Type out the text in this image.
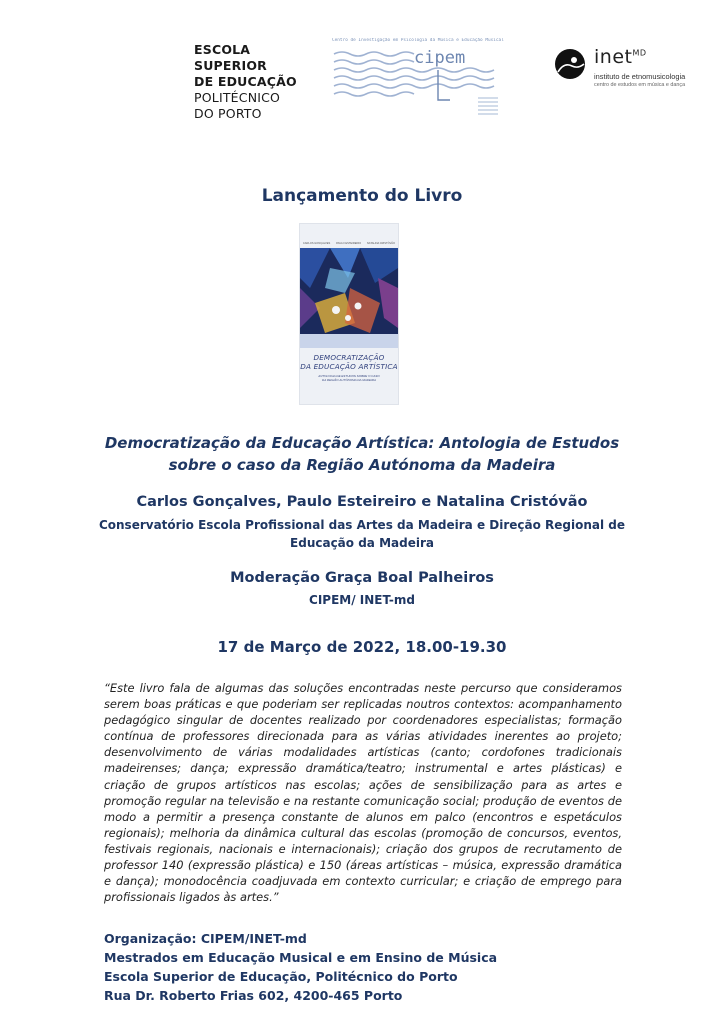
ESCOLA
SUPERIOR
DE EDUCAÇÃO
POLITÉCNICO
DO PORTO
Centro de Investigação em Psicologia da Música e Educação Musical
cipem	inet$^{MD}$
instituto de etnomusicologia
centro de estudos em música e dança
Lançamento do Livro
CARLOS GONÇALVES PAULO ESTEIREIRO NATALINA CRISTÓVÃO
DEMOCRATIZAÇÃO
DA EDUCAÇÃO ARTÍSTICA
ANTOLOGIA DE ESTUDOS SOBRE O CASO
DA REGIÃO AUTÓNOMA DA MADEIRA
Democratização da Educação Artística: Antologia de Estudos
sobre o caso da Região Autónoma da Madeira
Carlos Gonçalves, Paulo Esteireiro e Natalina Cristóvão
Conservatório Escola Profissional das Artes da Madeira e Direção Regional de
Educação da Madeira
Moderação Graça Boal Palheiros
CIPEM/ INET-md
17 de Março de 2022, 18.00-19.30
“Este livro fala de algumas das soluções encontradas neste percurso que consideramos serem boas práticas e que poderiam ser replicadas noutros contextos: acompanhamento pedagógico singular de docentes realizado por coordenadores especialistas; formação contínua de professores direcionada para as várias atividades inerentes ao projeto; desenvolvimento de várias modalidades artísticas (canto; cordofones tradicionais madeirenses; dança; expressão dramática/teatro; instrumental e artes plásticas) e criação de grupos artísticos nas escolas; ações de sensibilização para as artes e promoção regular na televisão e na restante comunicação social; produção de eventos de modo a permitir a presença constante de alunos em palco (encontros e espetáculos regionais); melhoria da dinâmica cultural das escolas (promoção de concursos, eventos, festivais regionais, nacionais e internacionais); criação dos grupos de recrutamento de professor 140 (expressão plástica) e 150 (áreas artísticas – música, expressão dramática e dança); monodocência coadjuvada em contexto curricular; e criação de emprego para profissionais ligados às artes.”
Organização: CIPEM/INET-md
Mestrados em Educação Musical e em Ensino de Música
Escola Superior de Educação, Politécnico do Porto
Rua Dr. Roberto Frias 602, 4200-465 Porto
